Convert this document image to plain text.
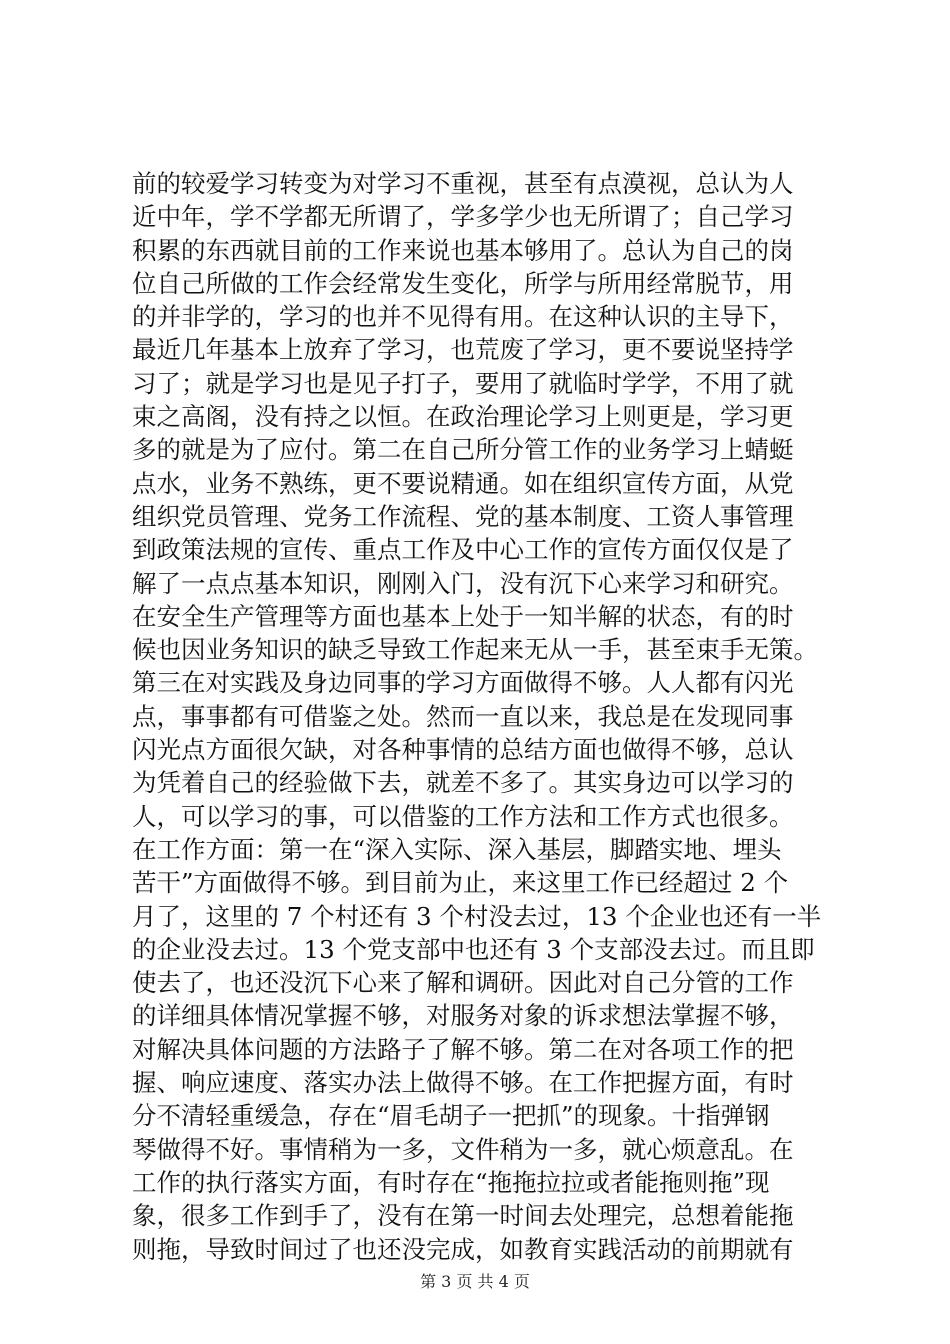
前的较爱学习转变为对学习不重视，甚至有点漠视，总认为人
近中年，学不学都无所谓了，学多学少也无所谓了；自己学习
积累的东西就目前的工作来说也基本够用了。总认为自己的岗
位自己所做的工作会经常发生变化，所学与所用经常脱节，用
的并非学的，学习的也并不见得有用。在这种认识的主导下，
最近几年基本上放弃了学习，也荒废了学习，更不要说坚持学
习了；就是学习也是见子打子，要用了就临时学学，不用了就
束之高阁，没有持之以恒。在政治理论学习上则更是，学习更
多的就是为了应付。第二在自己所分管工作的业务学习上蜻蜓
点水，业务不熟练，更不要说精通。如在组织宣传方面，从党
组织党员管理、党务工作流程、党的基本制度、工资人事管理
到政策法规的宣传、重点工作及中心工作的宣传方面仅仅是了
解了一点点基本知识，刚刚入门，没有沉下心来学习和研究。
在安全生产管理等方面也基本上处于一知半解的状态，有的时
候也因业务知识的缺乏导致工作起来无从一手，甚至束手无策。
第三在对实践及身边同事的学习方面做得不够。人人都有闪光
点，事事都有可借鉴之处。然而一直以来，我总是在发现同事
闪光点方面很欠缺，对各种事情的总结方面也做得不够，总认
为凭着自己的经验做下去，就差不多了。其实身边可以学习的
人，可以学习的事，可以借鉴的工作方法和工作方式也很多。
在工作方面：第一在“深入实际、深入基层，脚踏实地、埋头
苦干”方面做得不够。到目前为止，来这里工作已经超过 2 个
月了，这里的 7 个村还有 3 个村没去过，13 个企业也还有一半
的企业没去过。13 个党支部中也还有 3 个支部没去过。而且即
使去了，也还没沉下心来了解和调研。因此对自己分管的工作
的详细具体情况掌握不够，对服务对象的诉求想法掌握不够，
对解决具体问题的方法路子了解不够。第二在对各项工作的把
握、响应速度、落实办法上做得不够。在工作把握方面，有时
分不清轻重缓急，存在“眉毛胡子一把抓”的现象。十指弹钢
琴做得不好。事情稍为一多，文件稍为一多，就心烦意乱。在
工作的执行落实方面，有时存在“拖拖拉拉或者能拖则拖”现
象，很多工作到手了，没有在第一时间去处理完，总想着能拖
则拖，导致时间过了也还没完成，如教育实践活动的前期就有
第 3 页 共 4 页
